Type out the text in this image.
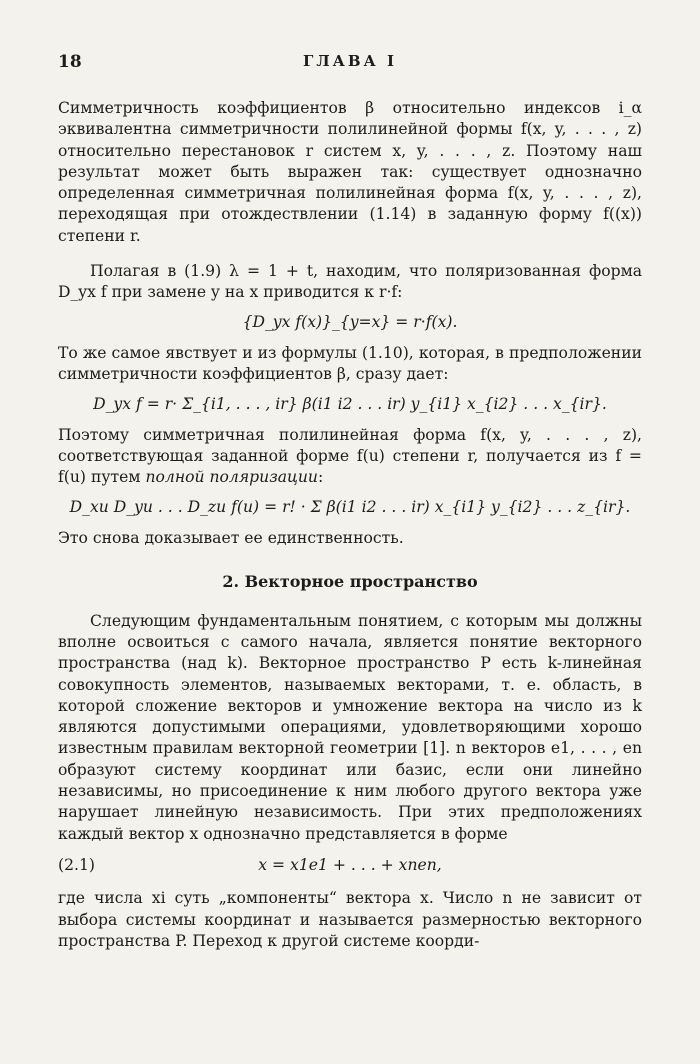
18	ГЛАВА I

Симметричность коэффициентов β относительно индексов i_α эквивалентна симметричности полилинейной формы f(x, y, . . . , z) относительно перестановок r систем x, y, . . . , z. Поэтому наш результат может быть выражен так: существует однозначно определенная симметричная полилинейная форма f(x, y, . . . , z), переходящая при отождествлении (1.14) в заданную форму f((x)) степени r.

Полагая в (1.9) λ = 1 + t, находим, что поляризованная форма D_yx f при замене y на x приводится к r·f:

{D_yx f(x)}_{y=x} = r·f(x).

То же самое явствует и из формулы (1.10), которая, в предположении симметричности коэффициентов β, сразу дает:

D_yx f = r· Σ_{i1, . . . , ir} β(i1 i2 . . . ir) y_{i1} x_{i2} . . . x_{ir}.

Поэтому симметричная полилинейная форма f(x, y, . . . , z), соответствующая заданной форме f(u) степени r, получается из f = f(u) путем полной поляризации:

D_xu D_yu . . . D_zu f(u) = r! · Σ β(i1 i2 . . . ir) x_{i1} y_{i2} . . . z_{ir}.

Это снова доказывает ее единственность.

2. Векторное пространство

Следующим фундаментальным понятием, с которым мы должны вполне освоиться с самого начала, является понятие векторного пространства (над k). Векторное пространство P есть k-линейная совокупность элементов, называемых векторами, т. е. область, в которой сложение векторов и умножение вектора на число из k являются допустимыми операциями, удовлетворяющими хорошо известным правилам векторной геометрии [1]. n векторов e1, . . . , en образуют систему координат или базис, если они линейно независимы, но присоединение к ним любого другого вектора уже нарушает линейную независимость. При этих предположениях каждый вектор x однозначно представляется в форме

(2.1)	x = x1e1 + . . . + xnen,

где числа xi суть „компоненты“ вектора x. Число n не зависит от выбора системы координат и называется размерностью векторного пространства P. Переход к другой системе коорди-
